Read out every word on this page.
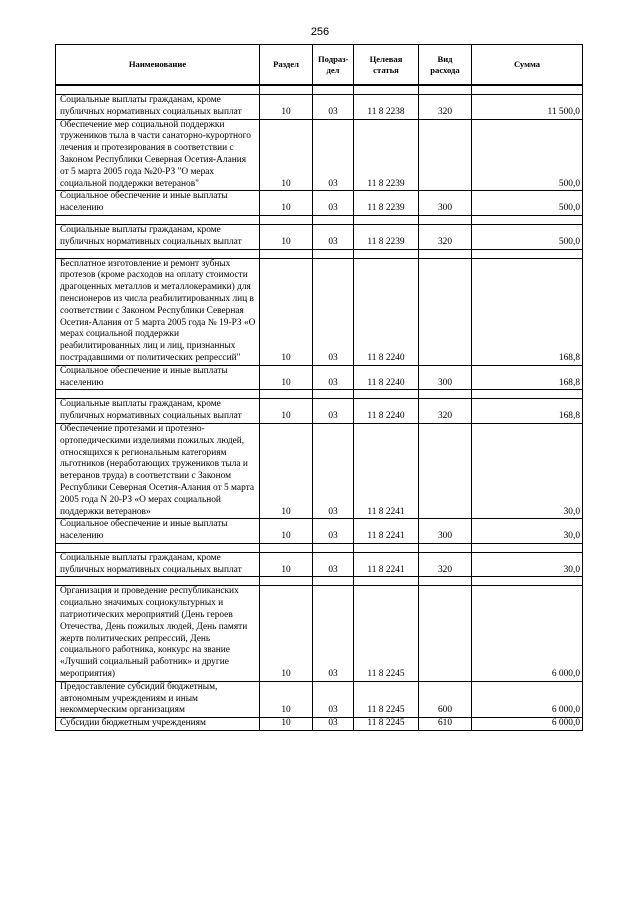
256
Наименование	Раздел	Подраз-дел	Целевая статья	Вид расхода	Сумма

Социальные выплаты гражданам, кроме публичных нормативных социальных выплат	10	03	11 8 2238	320	11 500,0
Обеспечение мер социальной поддержки тружеников тыла в части санаторно-курортного лечения и протезирования в соответствии с Законом Республики Северная Осетия-Алания от 5 марта 2005 года №20-РЗ "О мерах социальной поддержки ветеранов"	10	03	11 8 2239		500,0
Социальное обеспечение и иные выплаты населению	10	03	11 8 2239	300	500,0

Социальные выплаты гражданам, кроме публичных нормативных социальных выплат	10	03	11 8 2239	320	500,0

Бесплатное изготовление и ремонт зубных протезов (кроме расходов на оплату стоимости драгоценных металлов и металлокерамики) для пенсионеров из числа реабилитированных лиц в соответствии с Законом Республики Северная Осетия-Алания от 5 марта 2005 года № 19-РЗ «О мерах социальной поддержки реабилитированных лиц и лиц, признанных пострадавшими от политических репрессий"	10	03	11 8 2240		168,8
Социальное обеспечение и иные выплаты населению	10	03	11 8 2240	300	168,8

Социальные выплаты гражданам, кроме публичных нормативных социальных выплат	10	03	11 8 2240	320	168,8
Обеспечение протезами и протезно-ортопедическими изделиями пожилых людей, относящихся к региональным категориям льготников (неработающих тружеников тыла и ветеранов труда) в соответствии с Законом Республики Северная Осетия-Алания от 5 марта 2005 года N 20-РЗ «О мерах социальной поддержки ветеранов»	10	03	11 8 2241		30,0
Социальное обеспечение и иные выплаты населению	10	03	11 8 2241	300	30,0

Социальные выплаты гражданам, кроме публичных нормативных социальных выплат	10	03	11 8 2241	320	30,0

Организация и проведение республиканских социально значимых социокультурных и патриотических мероприятий (День героев Отечества, День пожилых людей, День памяти жертв политических репрессий, День социального работника, конкурс на звание «Лучший социальный работник» и другие мероприятия)	10	03	11 8 2245		6 000,0
Предоставление субсидий бюджетным, автономным учреждениям и иным некоммерческим организациям	10	03	11 8 2245	600	6 000,0
Субсидии бюджетным учреждениям	10	03	11 8 2245	610	6 000,0
